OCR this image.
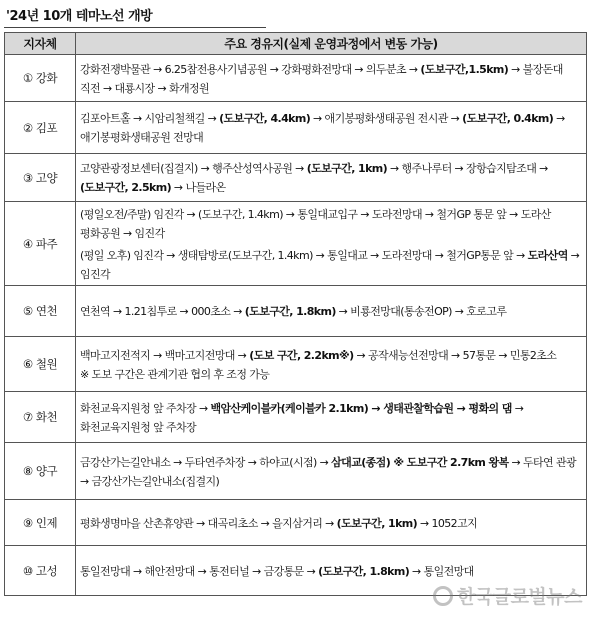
'24년 10개 테마노선 개방
지자체	주요 경유지(실제 운영과정에서 변동 가능)
① 강화	강화전쟁박물관 → 6.25참전용사기념공원 → 강화평화전망대 → 의두분초 → (도보구간,1.5km) → 불장돈대 직전 → 대룡시장 → 화개정원

② 김포	김포아트홀 → 시암리철책길 → (도보구간, 4.4km) → 애기봉평화생태공원 전시관 → (도보구간, 0.4km) → 애기봉평화생태공원 전망대

③ 고양	고양관광정보센터(집결지) → 행주산성역사공원 → (도보구간, 1km) → 행주나루터 → 장항습지탐조대 → (도보구간, 2.5km) → 나들라온

④ 파주	(평일오전/주말) 임진각 → (도보구간, 1.4km) → 통일대교입구 → 도라전망대 → 철거GP 통문 앞 → 도라산 평화공원 → 임진각
(평일 오후) 임진각 → 생태탐방로(도보구간, 1.4km) → 통일대교 → 도라전망대 → 철거GP통문 앞 → 도라산역 → 임진각

⑤ 연천	연천역 → 1.21침투로 → 000초소 → (도보구간, 1.8km) → 비룡전망대(통송전OP) → 호로고루

⑥ 철원	백마고지전적지 → 백마고지전망대 → (도보 구간, 2.2km※) → 공작새능선전망대 → 57통문 → 민통2초소　　※ 도보 구간은 관계기관 협의 후 조정 가능

⑦ 화천	화천교육지원청 앞 주차장 → 백암산케이블카(케이블카 2.1km) → 생태관찰학습원 → 평화의 댐 →화천교육지원청 앞 주차장

⑧ 양구	금강산가는길안내소 → 두타연주차장 → 하야교(시점) → 삼대교(종점) ※ 도보구간 2.7km 왕복 → 두타연 관광 → 금강산가는길안내소(집결지)

⑨ 인제	평화생명마을 산촌휴양관 → 대곡리초소 → 을지삼거리 → (도보구간, 1km) → 1052고지

⑩ 고성	통일전망대 → 해안전망대 → 통전터널 → 금강통문 → (도보구간, 1.8km) → 통일전망대
한국글로벌뉴스
